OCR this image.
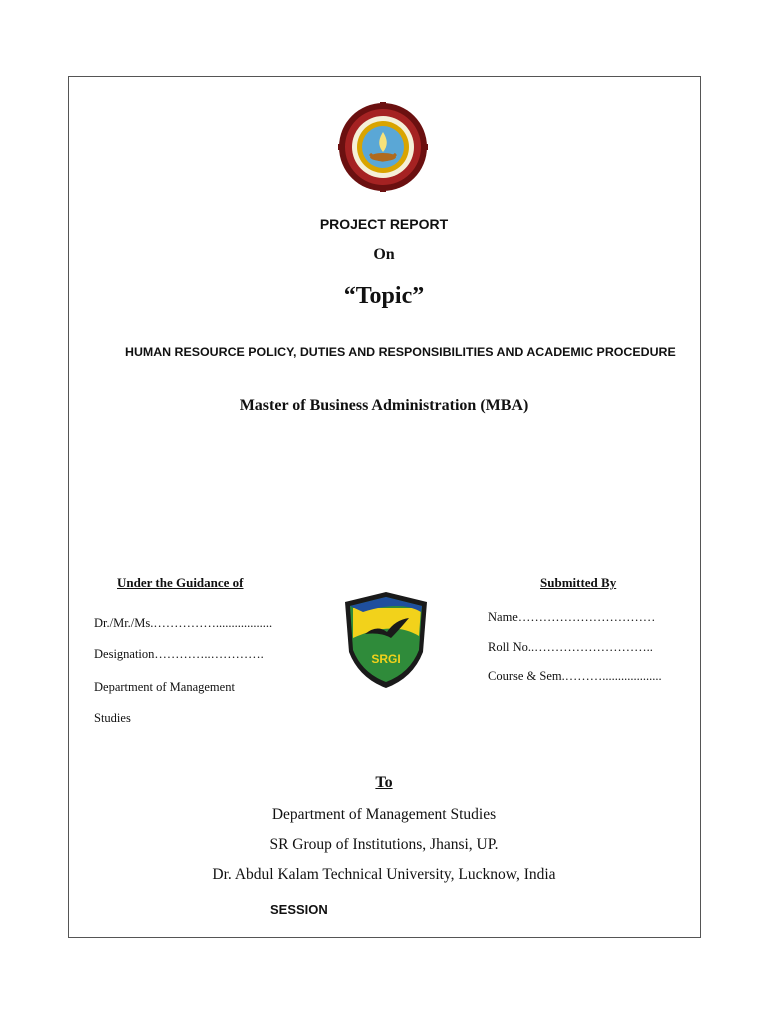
PROJECT REPORT
On
“Topic”
HUMAN RESOURCE POLICY, DUTIES AND RESPONSIBILITIES AND ACADEMIC PROCEDURE
Master of Business Administration (MBA)
Under the Guidance of
Dr./Mr./Ms.……………..................
Designation…………..………….
Department of Management
Studies
SRGI
Submitted By
Name……………………………
Roll No..………………………..
Course & Sem.………...................
To
Department of Management Studies
SR Group of Institutions, Jhansi, UP.
Dr. Abdul Kalam Technical University, Lucknow, India
SESSION
